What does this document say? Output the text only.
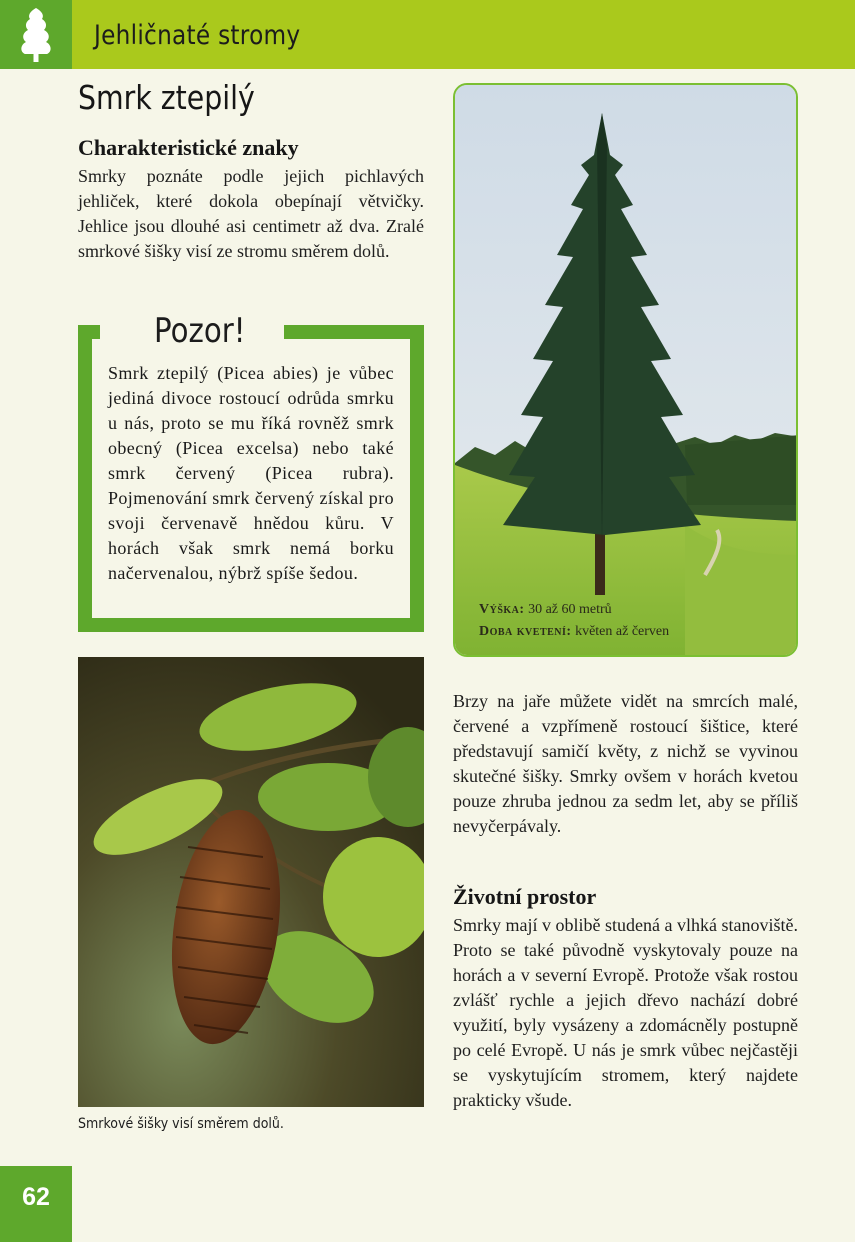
Jehličnaté stromy
Smrk ztepilý
Charakteristické znaky
Smrky poznáte podle jejich pichlavých jehliček, které dokola obepínají větvičky. Jehlice jsou dlouhé asi centimetr až dva. Zralé smrkové šišky visí ze stromu směrem dolů.
Pozor!
Smrk ztepilý (Picea abies) je vůbec jediná divoce rostoucí odrůda smrku u nás, proto se mu říká rovněž smrk obecný (Picea excelsa) nebo také smrk červený (Picea rubra). Pojmenování smrk červený získal pro svoji červenavě hnědou kůru. V horách však smrk nemá borku načervenalou, nýbrž spíše šedou.
Výška: 30 až 60 metrů
Doba kvetení: květen až červen
Smrkové šišky visí směrem dolů.
Brzy na jaře můžete vidět na smrcích malé, červené a vzpřímeně rostoucí šištice, které představují samičí květy, z nichž se vyvinou skutečné šišky. Smrky ovšem v horách kvetou pouze zhruba jednou za sedm let, aby se příliš nevyčerpávaly.
Životní prostor
Smrky mají v oblibě studená a vlhká stanoviště. Proto se také původně vyskytovaly pouze na horách a v severní Evropě. Protože však rostou zvlášť rychle a jejich dřevo nachází dobré využití, byly vysázeny a zdomácněly postupně po celé Evropě. U nás je smrk vůbec nejčastěji se vyskytujícím stromem, který najdete prakticky všude.
62
